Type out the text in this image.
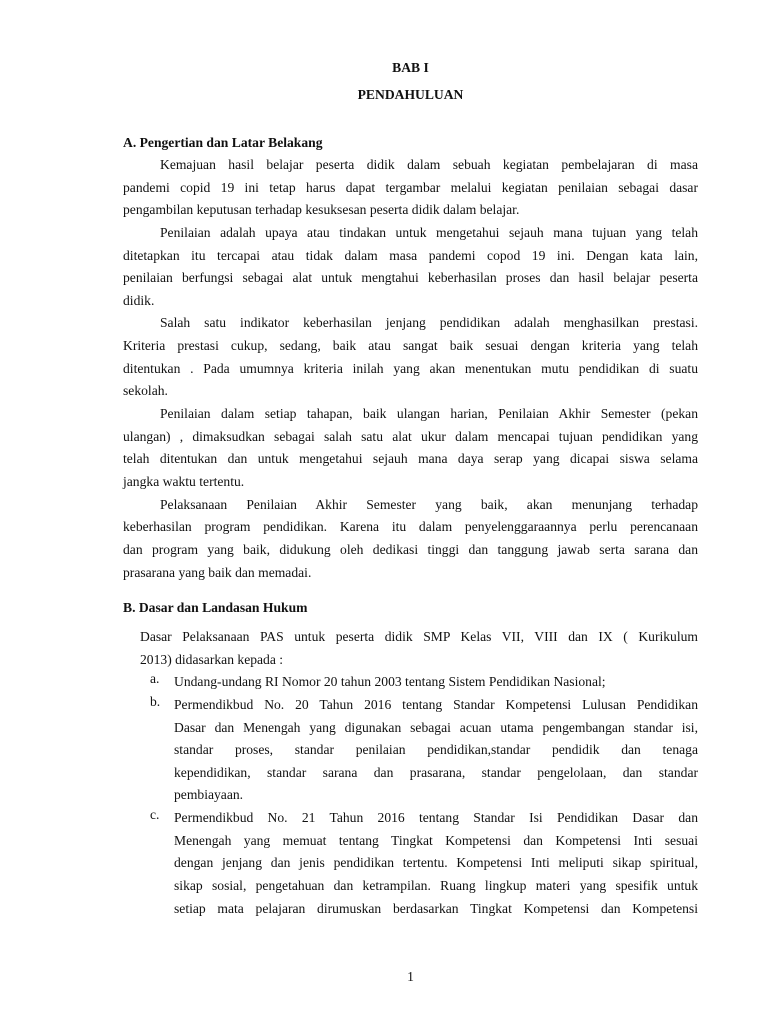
BAB I
PENDAHULUAN
A. Pengertian dan Latar Belakang
Kemajuan hasil belajar peserta didik dalam sebuah kegiatan pembelajaran di masa
pandemi copid 19 ini tetap harus dapat tergambar melalui kegiatan penilaian sebagai dasar
pengambilan keputusan terhadap kesuksesan peserta didik dalam belajar.
Penilaian adalah upaya atau tindakan untuk mengetahui sejauh mana tujuan yang telah
ditetapkan itu tercapai atau tidak dalam masa pandemi copod 19 ini. Dengan kata lain,
penilaian berfungsi sebagai alat untuk mengtahui keberhasilan proses dan hasil belajar peserta
didik.
Salah satu indikator keberhasilan jenjang pendidikan adalah menghasilkan prestasi.
Kriteria prestasi cukup, sedang, baik atau sangat baik sesuai dengan kriteria yang telah
ditentukan . Pada umumnya kriteria inilah yang akan menentukan mutu pendidikan di suatu
sekolah.
Penilaian dalam setiap tahapan, baik ulangan harian, Penilaian Akhir Semester (pekan
ulangan) , dimaksudkan sebagai salah satu alat ukur dalam mencapai tujuan pendidikan yang
telah ditentukan dan untuk mengetahui sejauh mana daya serap yang dicapai siswa selama
jangka waktu tertentu.
Pelaksanaan Penilaian Akhir Semester yang baik, akan menunjang terhadap
keberhasilan program pendidikan. Karena itu dalam penyelenggaraannya perlu perencanaan
dan program yang baik, didukung oleh dedikasi tinggi dan tanggung jawab serta sarana dan
prasarana yang baik dan memadai.
B. Dasar dan Landasan Hukum
Dasar Pelaksanaan PAS untuk peserta didik SMP Kelas VII, VIII dan IX ( Kurikulum
2013) didasarkan kepada :
a. Undang-undang RI Nomor 20 tahun 2003 tentang Sistem Pendidikan Nasional;
b. Permendikbud No. 20 Tahun 2016 tentang Standar Kompetensi Lulusan Pendidikan
Dasar dan Menengah yang digunakan sebagai acuan utama pengembangan standar isi,
standar proses, standar penilaian pendidikan,standar pendidik dan tenaga
kependidikan, standar sarana dan prasarana, standar pengelolaan, dan standar
pembiayaan.
c. Permendikbud No. 21 Tahun 2016 tentang Standar Isi Pendidikan Dasar dan
Menengah yang memuat tentang Tingkat Kompetensi dan Kompetensi Inti sesuai
dengan jenjang dan jenis pendidikan tertentu. Kompetensi Inti meliputi sikap spiritual,
sikap sosial, pengetahuan dan ketrampilan. Ruang lingkup materi yang spesifik untuk
setiap mata pelajaran dirumuskan berdasarkan Tingkat Kompetensi dan Kompetensi
1
